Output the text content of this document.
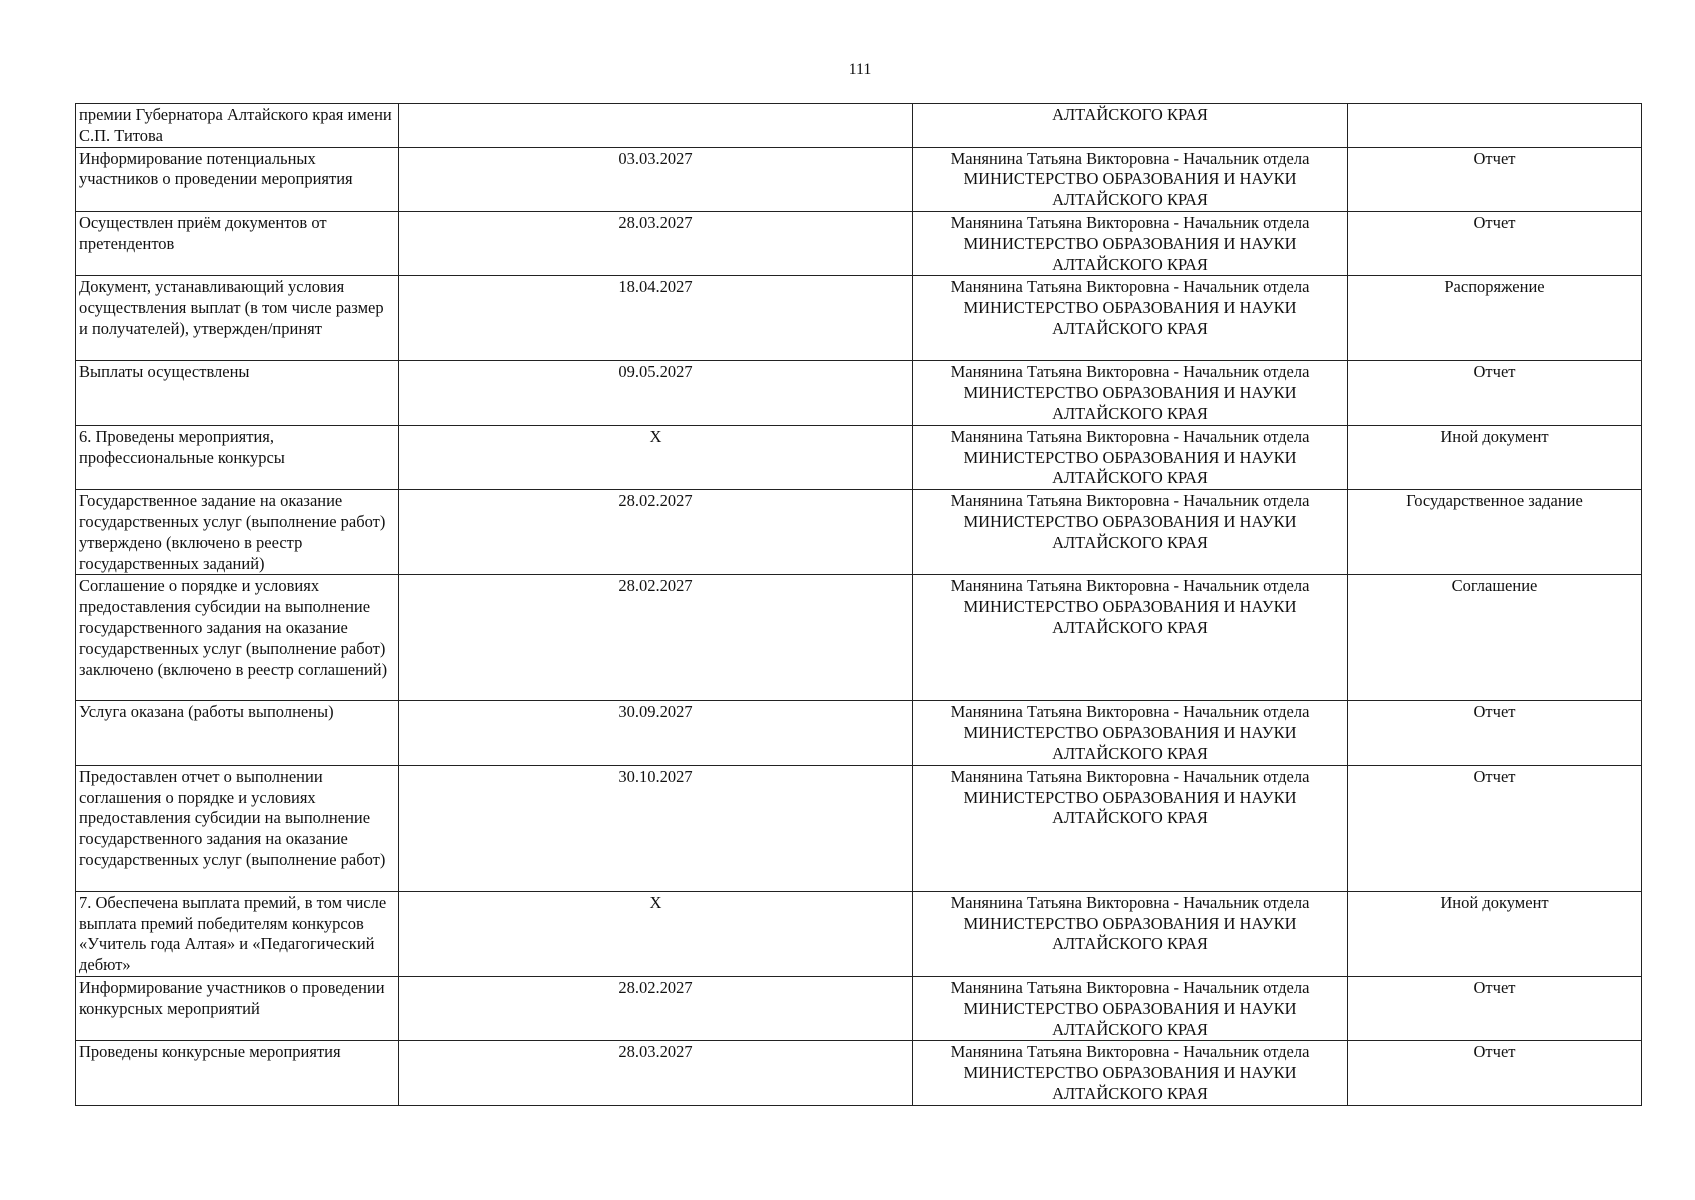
111
премии Губернатора Алтайского края имени С.П. Титова		АЛТАЙСКОГО КРАЯ	

Информирование потенциальных участников о проведении мероприятия	03.03.2027	Манянина Татьяна Викторовна - Начальник отдела
МИНИСТЕРСТВО ОБРАЗОВАНИЯ И НАУКИ
АЛТАЙСКОГО КРАЯ	Отчет
Осуществлен приём документов от претендентов	28.03.2027	Манянина Татьяна Викторовна - Начальник отдела
МИНИСТЕРСТВО ОБРАЗОВАНИЯ И НАУКИ
АЛТАЙСКОГО КРАЯ	Отчет
Документ, устанавливающий условия осуществления выплат (в том числе размер и получателей), утвержден/принят	18.04.2027	Манянина Татьяна Викторовна - Начальник отдела
МИНИСТЕРСТВО ОБРАЗОВАНИЯ И НАУКИ
АЛТАЙСКОГО КРАЯ	Распоряжение
Выплаты осуществлены	09.05.2027	Манянина Татьяна Викторовна - Начальник отдела
МИНИСТЕРСТВО ОБРАЗОВАНИЯ И НАУКИ
АЛТАЙСКОГО КРАЯ	Отчет
6. Проведены мероприятия, профессиональные конкурсы	X	Манянина Татьяна Викторовна - Начальник отдела
МИНИСТЕРСТВО ОБРАЗОВАНИЯ И НАУКИ
АЛТАЙСКОГО КРАЯ	Иной документ
Государственное задание на оказание государственных услуг (выполнение работ) утверждено (включено в реестр государственных заданий)	28.02.2027	Манянина Татьяна Викторовна - Начальник отдела
МИНИСТЕРСТВО ОБРАЗОВАНИЯ И НАУКИ
АЛТАЙСКОГО КРАЯ	Государственное задание
Соглашение о порядке и условиях предоставления субсидии на выполнение государственного задания на оказание государственных услуг (выполнение работ) заключено (включено в реестр соглашений)	28.02.2027	Манянина Татьяна Викторовна - Начальник отдела
МИНИСТЕРСТВО ОБРАЗОВАНИЯ И НАУКИ
АЛТАЙСКОГО КРАЯ	Соглашение
Услуга оказана (работы выполнены)	30.09.2027	Манянина Татьяна Викторовна - Начальник отдела
МИНИСТЕРСТВО ОБРАЗОВАНИЯ И НАУКИ
АЛТАЙСКОГО КРАЯ	Отчет
Предоставлен отчет о выполнении соглашения о порядке и условиях предоставления субсидии на выполнение государственного задания на оказание государственных услуг (выполнение работ)	30.10.2027	Манянина Татьяна Викторовна - Начальник отдела
МИНИСТЕРСТВО ОБРАЗОВАНИЯ И НАУКИ
АЛТАЙСКОГО КРАЯ	Отчет
7. Обеспечена выплата премий, в том числе выплата премий победителям конкурсов «Учитель года Алтая» и «Педагогический дебют»	X	Манянина Татьяна Викторовна - Начальник отдела
МИНИСТЕРСТВО ОБРАЗОВАНИЯ И НАУКИ
АЛТАЙСКОГО КРАЯ	Иной документ
Информирование участников о проведении конкурсных мероприятий	28.02.2027	Манянина Татьяна Викторовна - Начальник отдела
МИНИСТЕРСТВО ОБРАЗОВАНИЯ И НАУКИ
АЛТАЙСКОГО КРАЯ	Отчет
Проведены конкурсные мероприятия	28.03.2027	Манянина Татьяна Викторовна - Начальник отдела
МИНИСТЕРСТВО ОБРАЗОВАНИЯ И НАУКИ
АЛТАЙСКОГО КРАЯ	Отчет
